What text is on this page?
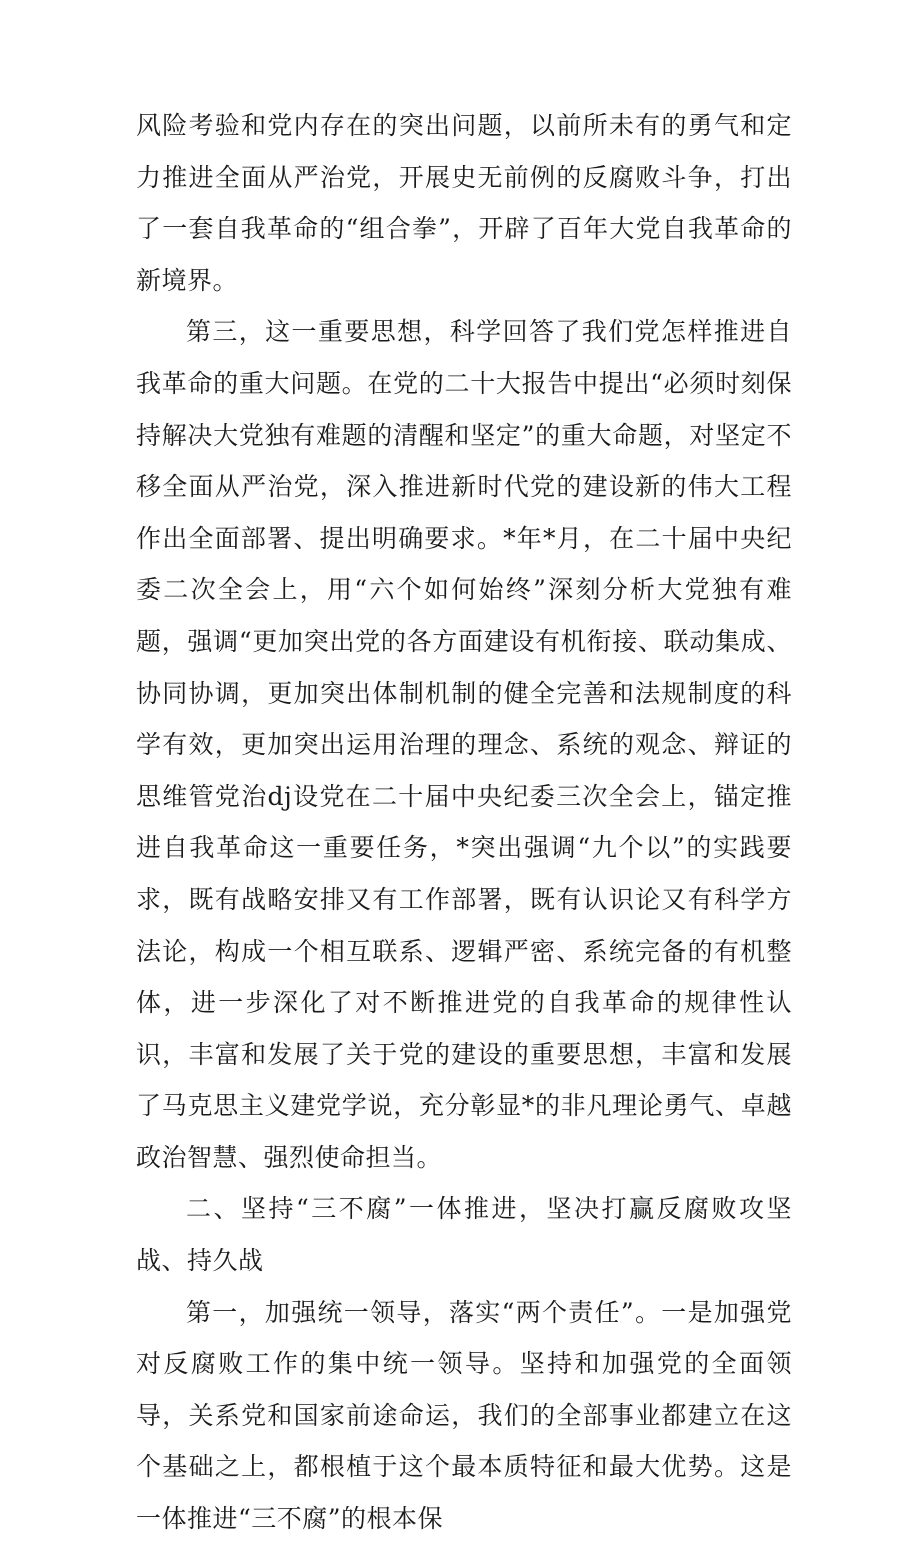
风险考验和党内存在的突出问题，以前所未有的勇气和定力推进全面从严治党，开展史无前例的反腐败斗争，打出了一套自我革命的“组合拳”，开辟了百年大党自我革命的新境界。

第三，这一重要思想，科学回答了我们党怎样推进自我革命的重大问题。在党的二十大报告中提出“必须时刻保持解决大党独有难题的清醒和坚定”的重大命题，对坚定不移全面从严治党，深入推进新时代党的建设新的伟大工程作出全面部署、提出明确要求。*年*月，在二十届中央纪委二次全会上，用“六个如何始终”深刻分析大党独有难题，强调“更加突出党的各方面建设有机衔接、联动集成、协同协调，更加突出体制机制的健全完善和法规制度的科学有效，更加突出运用治理的理念、系统的观念、辩证的思维管党治dj设党在二十届中央纪委三次全会上，锚定推进自我革命这一重要任务，*突出强调“九个以”的实践要求，既有战略安排又有工作部署，既有认识论又有科学方法论，构成一个相互联系、逻辑严密、系统完备的有机整体，进一步深化了对不断推进党的自我革命的规律性认识，丰富和发展了关于党的建设的重要思想，丰富和发展了马克思主义建党学说，充分彰显*的非凡理论勇气、卓越政治智慧、强烈使命担当。

二、坚持“三不腐”一体推进，坚决打赢反腐败攻坚战、持久战

第一，加强统一领导，落实“两个责任”。一是加强党对反腐败工作的集中统一领导。坚持和加强党的全面领导，关系党和国家前途命运，我们的全部事业都建立在这个基础之上，都根植于这个最本质特征和最大优势。这是一体推进“三不腐”的根本保
